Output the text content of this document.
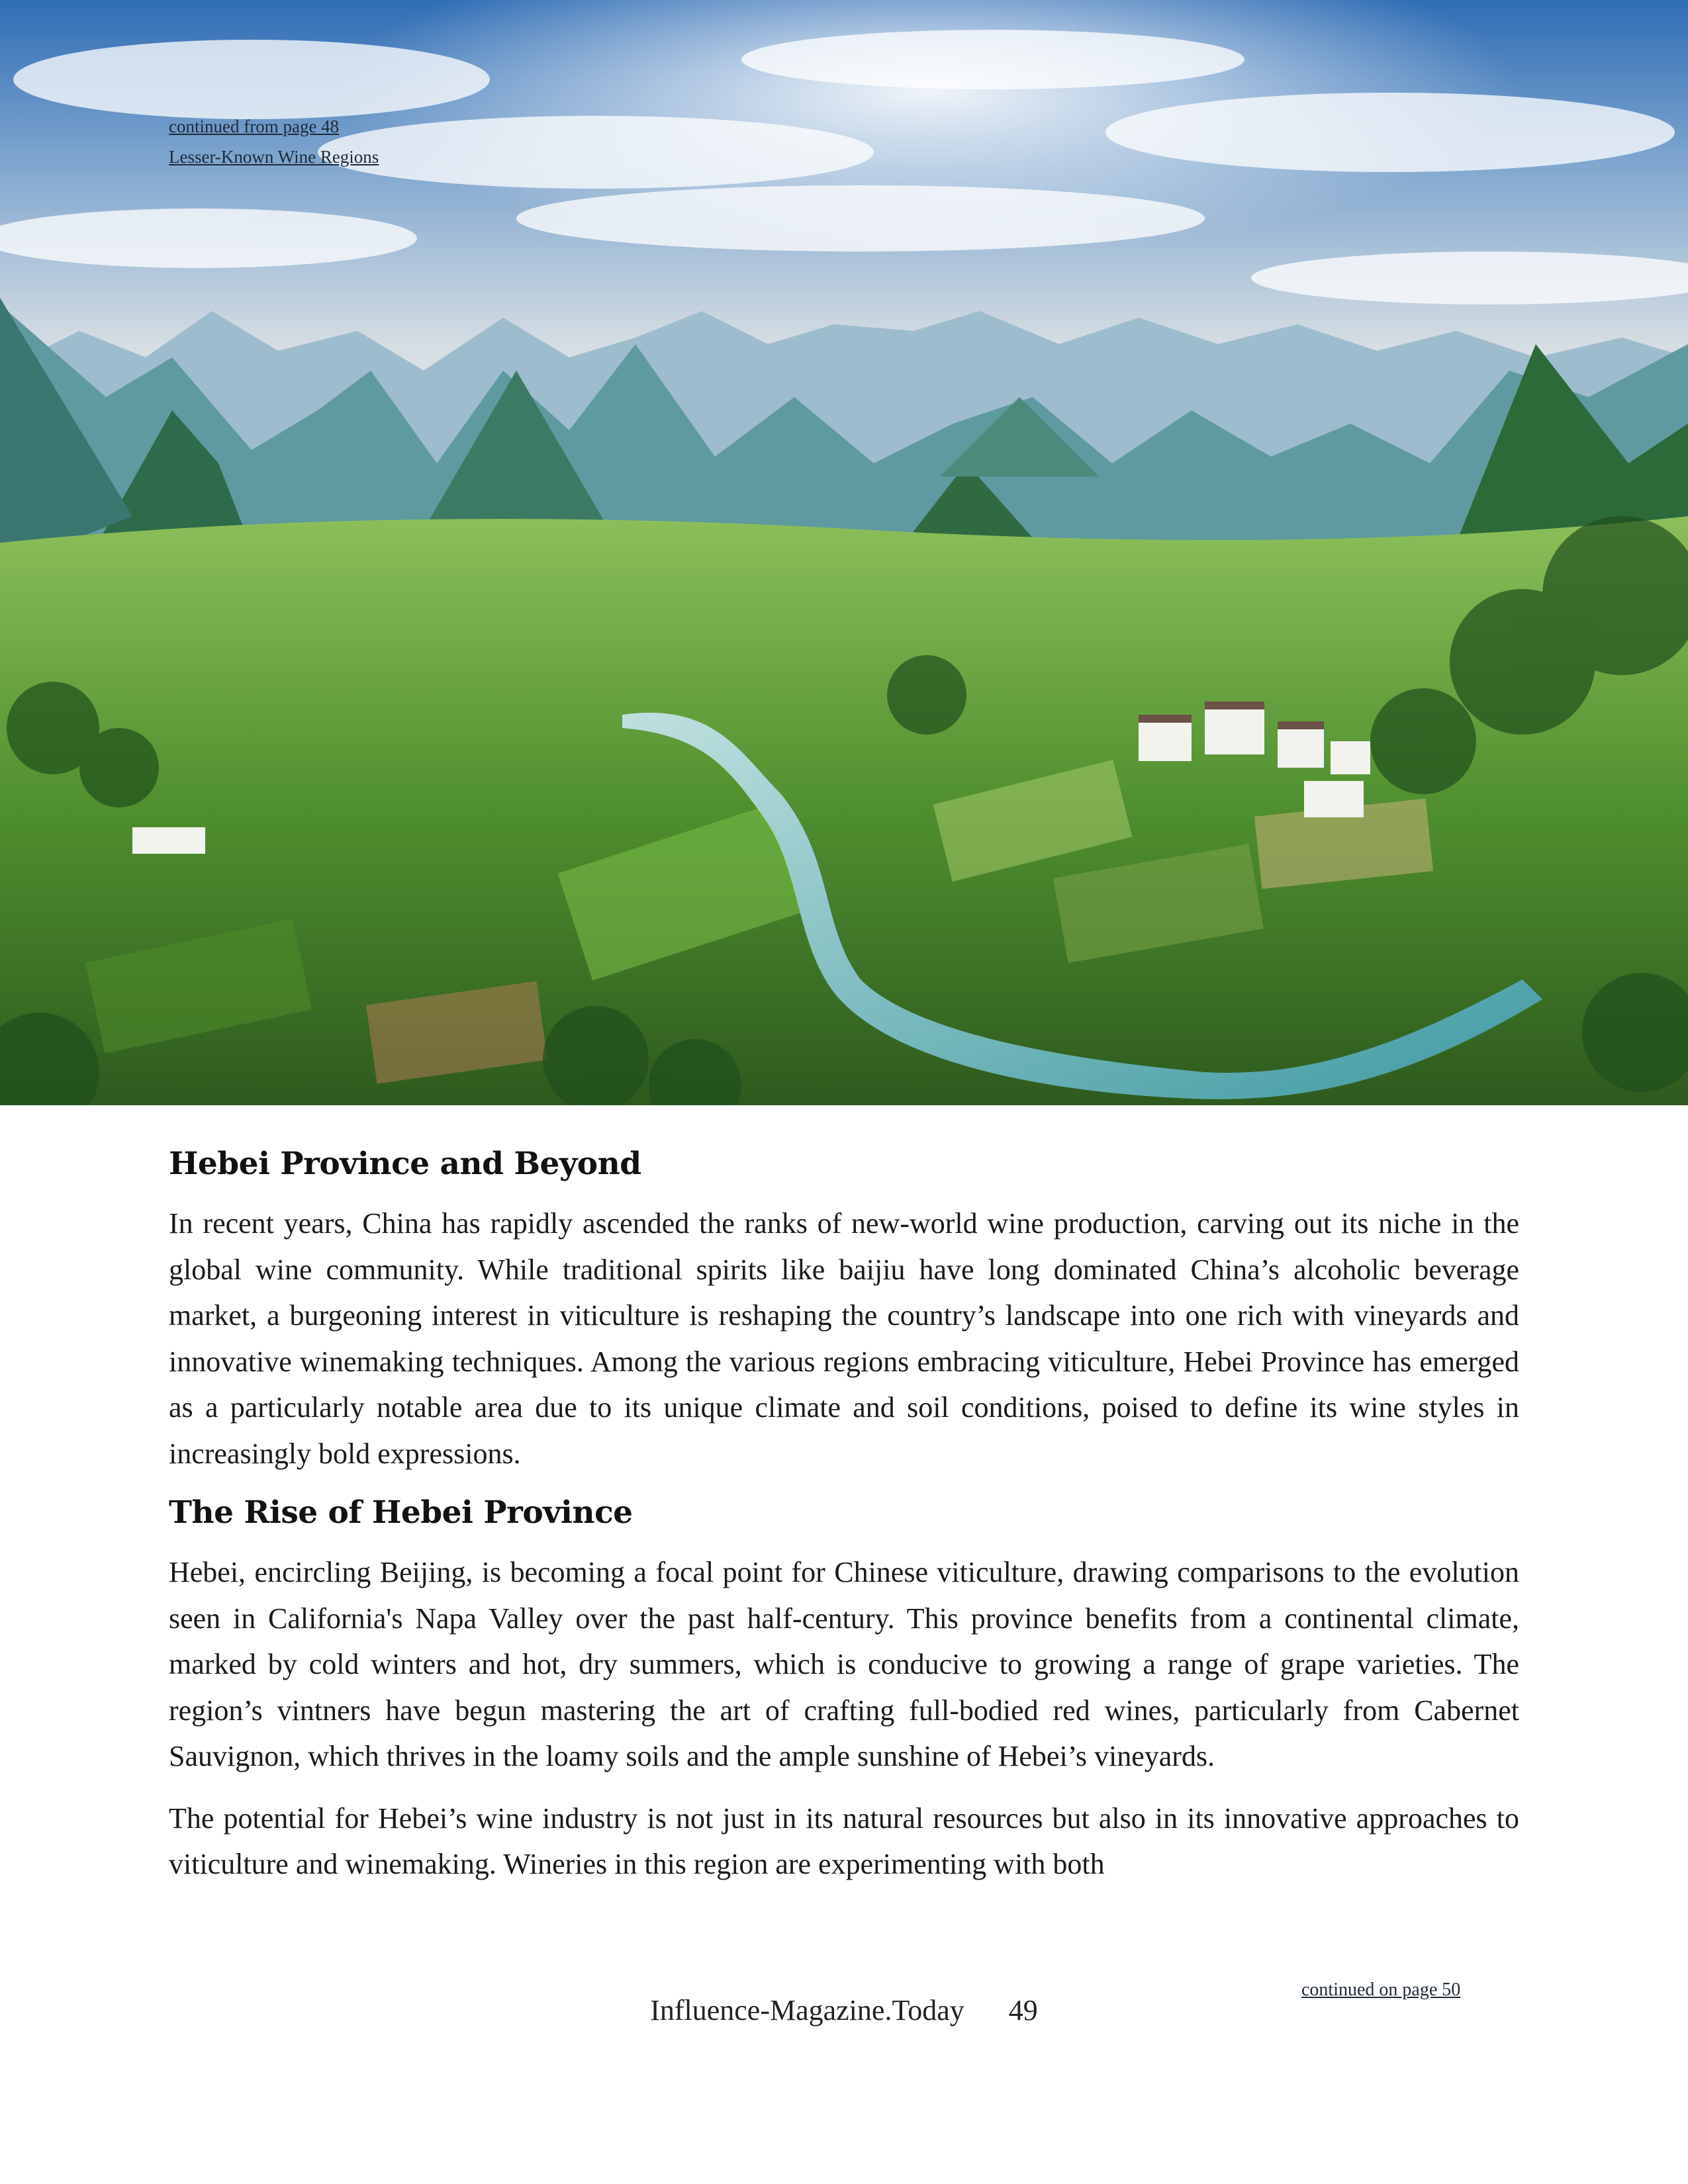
continued from page 48
Lesser-Known Wine Regions
Hebei Province and Beyond

In recent years, China has rapidly ascended the ranks of new-world wine production, carving out its niche in the global wine community. While traditional spirits like baijiu have long dominated China’s alcoholic beverage market, a burgeoning interest in viticulture is reshaping the country’s landscape into one rich with vineyards and innovative winemaking techniques. Among the various regions embracing viticulture, Hebei Province has emerged as a particularly notable area due to its unique climate and soil conditions, poised to define its wine styles in increasingly bold expressions.

The Rise of Hebei Province

Hebei, encircling Beijing, is becoming a focal point for Chinese viticulture, drawing comparisons to the evolution seen in California's Napa Valley over the past half-century. This province benefits from a continental climate, marked by cold winters and hot, dry summers, which is conducive to growing a range of grape varieties. The region’s vintners have begun mastering the art of crafting full-bodied red wines, particularly from Cabernet Sauvignon, which thrives in the loamy soils and the ample sunshine of Hebei’s vineyards.

The potential for Hebei’s wine industry is not just in its natural resources but also in its innovative approaches to viticulture and winemaking. Wineries in this region are experimenting with both

continued on page 50
Influence-Magazine.Today 49
